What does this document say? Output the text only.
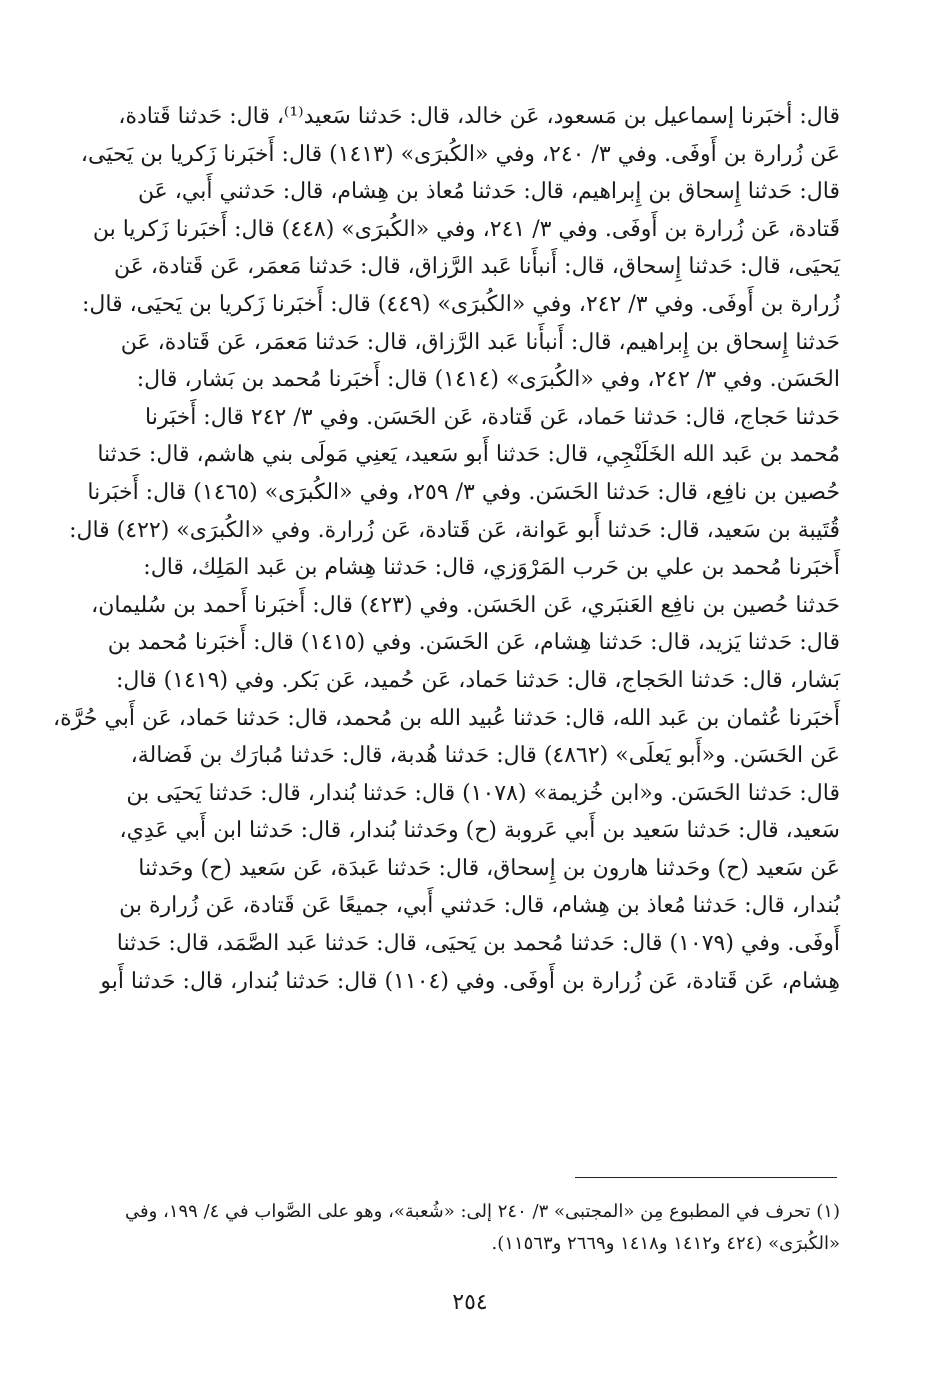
قال: أخبَرنا إسماعيل بن مَسعود، عَن خالد، قال: حَدثنا سَعيد⁽¹⁾، قال: حَدثنا قَتادة،
عَن زُرارة بن أَوفَى. وفي ٣/ ٢٤٠، وفي «الكُبرَى» (١٤١٣) قال: أَخبَرنا زَكريا بن يَحيَى،
قال: حَدثنا إِسحاق بن إِبراهيم، قال: حَدثنا مُعاذ بن هِشام، قال: حَدثني أَبي، عَن
قَتادة، عَن زُرارة بن أَوفَى. وفي ٣/ ٢٤١، وفي «الكُبرَى» (٤٤٨) قال: أَخبَرنا زَكريا بن
يَحيَى، قال: حَدثنا إِسحاق، قال: أَنبأَنا عَبد الرَّزاق، قال: حَدثنا مَعمَر، عَن قَتادة، عَن
زُرارة بن أَوفَى. وفي ٣/ ٢٤٢، وفي «الكُبرَى» (٤٤٩) قال: أَخبَرنا زَكريا بن يَحيَى، قال:
حَدثنا إِسحاق بن إِبراهيم، قال: أَنبأَنا عَبد الرَّزاق، قال: حَدثنا مَعمَر، عَن قَتادة، عَن
الحَسَن. وفي ٣/ ٢٤٢، وفي «الكُبرَى» (١٤١٤) قال: أَخبَرنا مُحمد بن بَشار، قال:
حَدثنا حَجاج، قال: حَدثنا حَماد، عَن قَتادة، عَن الحَسَن. وفي ٣/ ٢٤٢ قال: أَخبَرنا
مُحمد بن عَبد الله الخَلَنْجِي، قال: حَدثنا أَبو سَعيد، يَعنِي مَولَى بني هاشم، قال: حَدثنا
حُصين بن نافِع، قال: حَدثنا الحَسَن. وفي ٣/ ٢٥٩، وفي «الكُبرَى» (١٤٦٥) قال: أَخبَرنا
قُتَيبة بن سَعيد، قال: حَدثنا أَبو عَوانة، عَن قَتادة، عَن زُرارة. وفي «الكُبرَى» (٤٢٢) قال:
أَخبَرنا مُحمد بن علي بن حَرب المَرْوَزي، قال: حَدثنا هِشام بن عَبد المَلِك، قال:
حَدثنا حُصين بن نافِع العَنبَري، عَن الحَسَن. وفي (٤٢٣) قال: أَخبَرنا أَحمد بن سُليمان،
قال: حَدثنا يَزيد، قال: حَدثنا هِشام، عَن الحَسَن. وفي (١٤١٥) قال: أَخبَرنا مُحمد بن
بَشار، قال: حَدثنا الحَجاج، قال: حَدثنا حَماد، عَن حُميد، عَن بَكر. وفي (١٤١٩) قال:
أَخبَرنا عُثمان بن عَبد الله، قال: حَدثنا عُبيد الله بن مُحمد، قال: حَدثنا حَماد، عَن أَبي حُرَّة،
عَن الحَسَن. و«أَبو يَعلَى» (٤٨٦٢) قال: حَدثنا هُدبة، قال: حَدثنا مُبارَك بن فَضالة،
قال: حَدثنا الحَسَن. و«ابن خُزيمة» (١٠٧٨) قال: حَدثنا بُندار، قال: حَدثنا يَحيَى بن
سَعيد، قال: حَدثنا سَعيد بن أَبي عَروبة (ح) وحَدثنا بُندار، قال: حَدثنا ابن أَبي عَدِي،
عَن سَعيد (ح) وحَدثنا هارون بن إِسحاق، قال: حَدثنا عَبدَة، عَن سَعيد (ح) وحَدثنا
بُندار، قال: حَدثنا مُعاذ بن هِشام، قال: حَدثني أَبي، جميعًا عَن قَتادة، عَن زُرارة بن
أَوفَى. وفي (١٠٧٩) قال: حَدثنا مُحمد بن يَحيَى، قال: حَدثنا عَبد الصَّمَد، قال: حَدثنا
هِشام، عَن قَتادة، عَن زُرارة بن أَوفَى. وفي (١١٠٤) قال: حَدثنا بُندار، قال: حَدثنا أَبو
(١) تحرف في المطبوع مِن «المجتبى» ٣/ ٢٤٠ إلى: «شُعبة»، وهو على الصَّواب في ٤/ ١٩٩، وفي
«الكُبرَى» (٤٢٤ و١٤١٢ و١٤١٨ و٢٦٦٩ و١١٥٦٣).
٢٥٤
